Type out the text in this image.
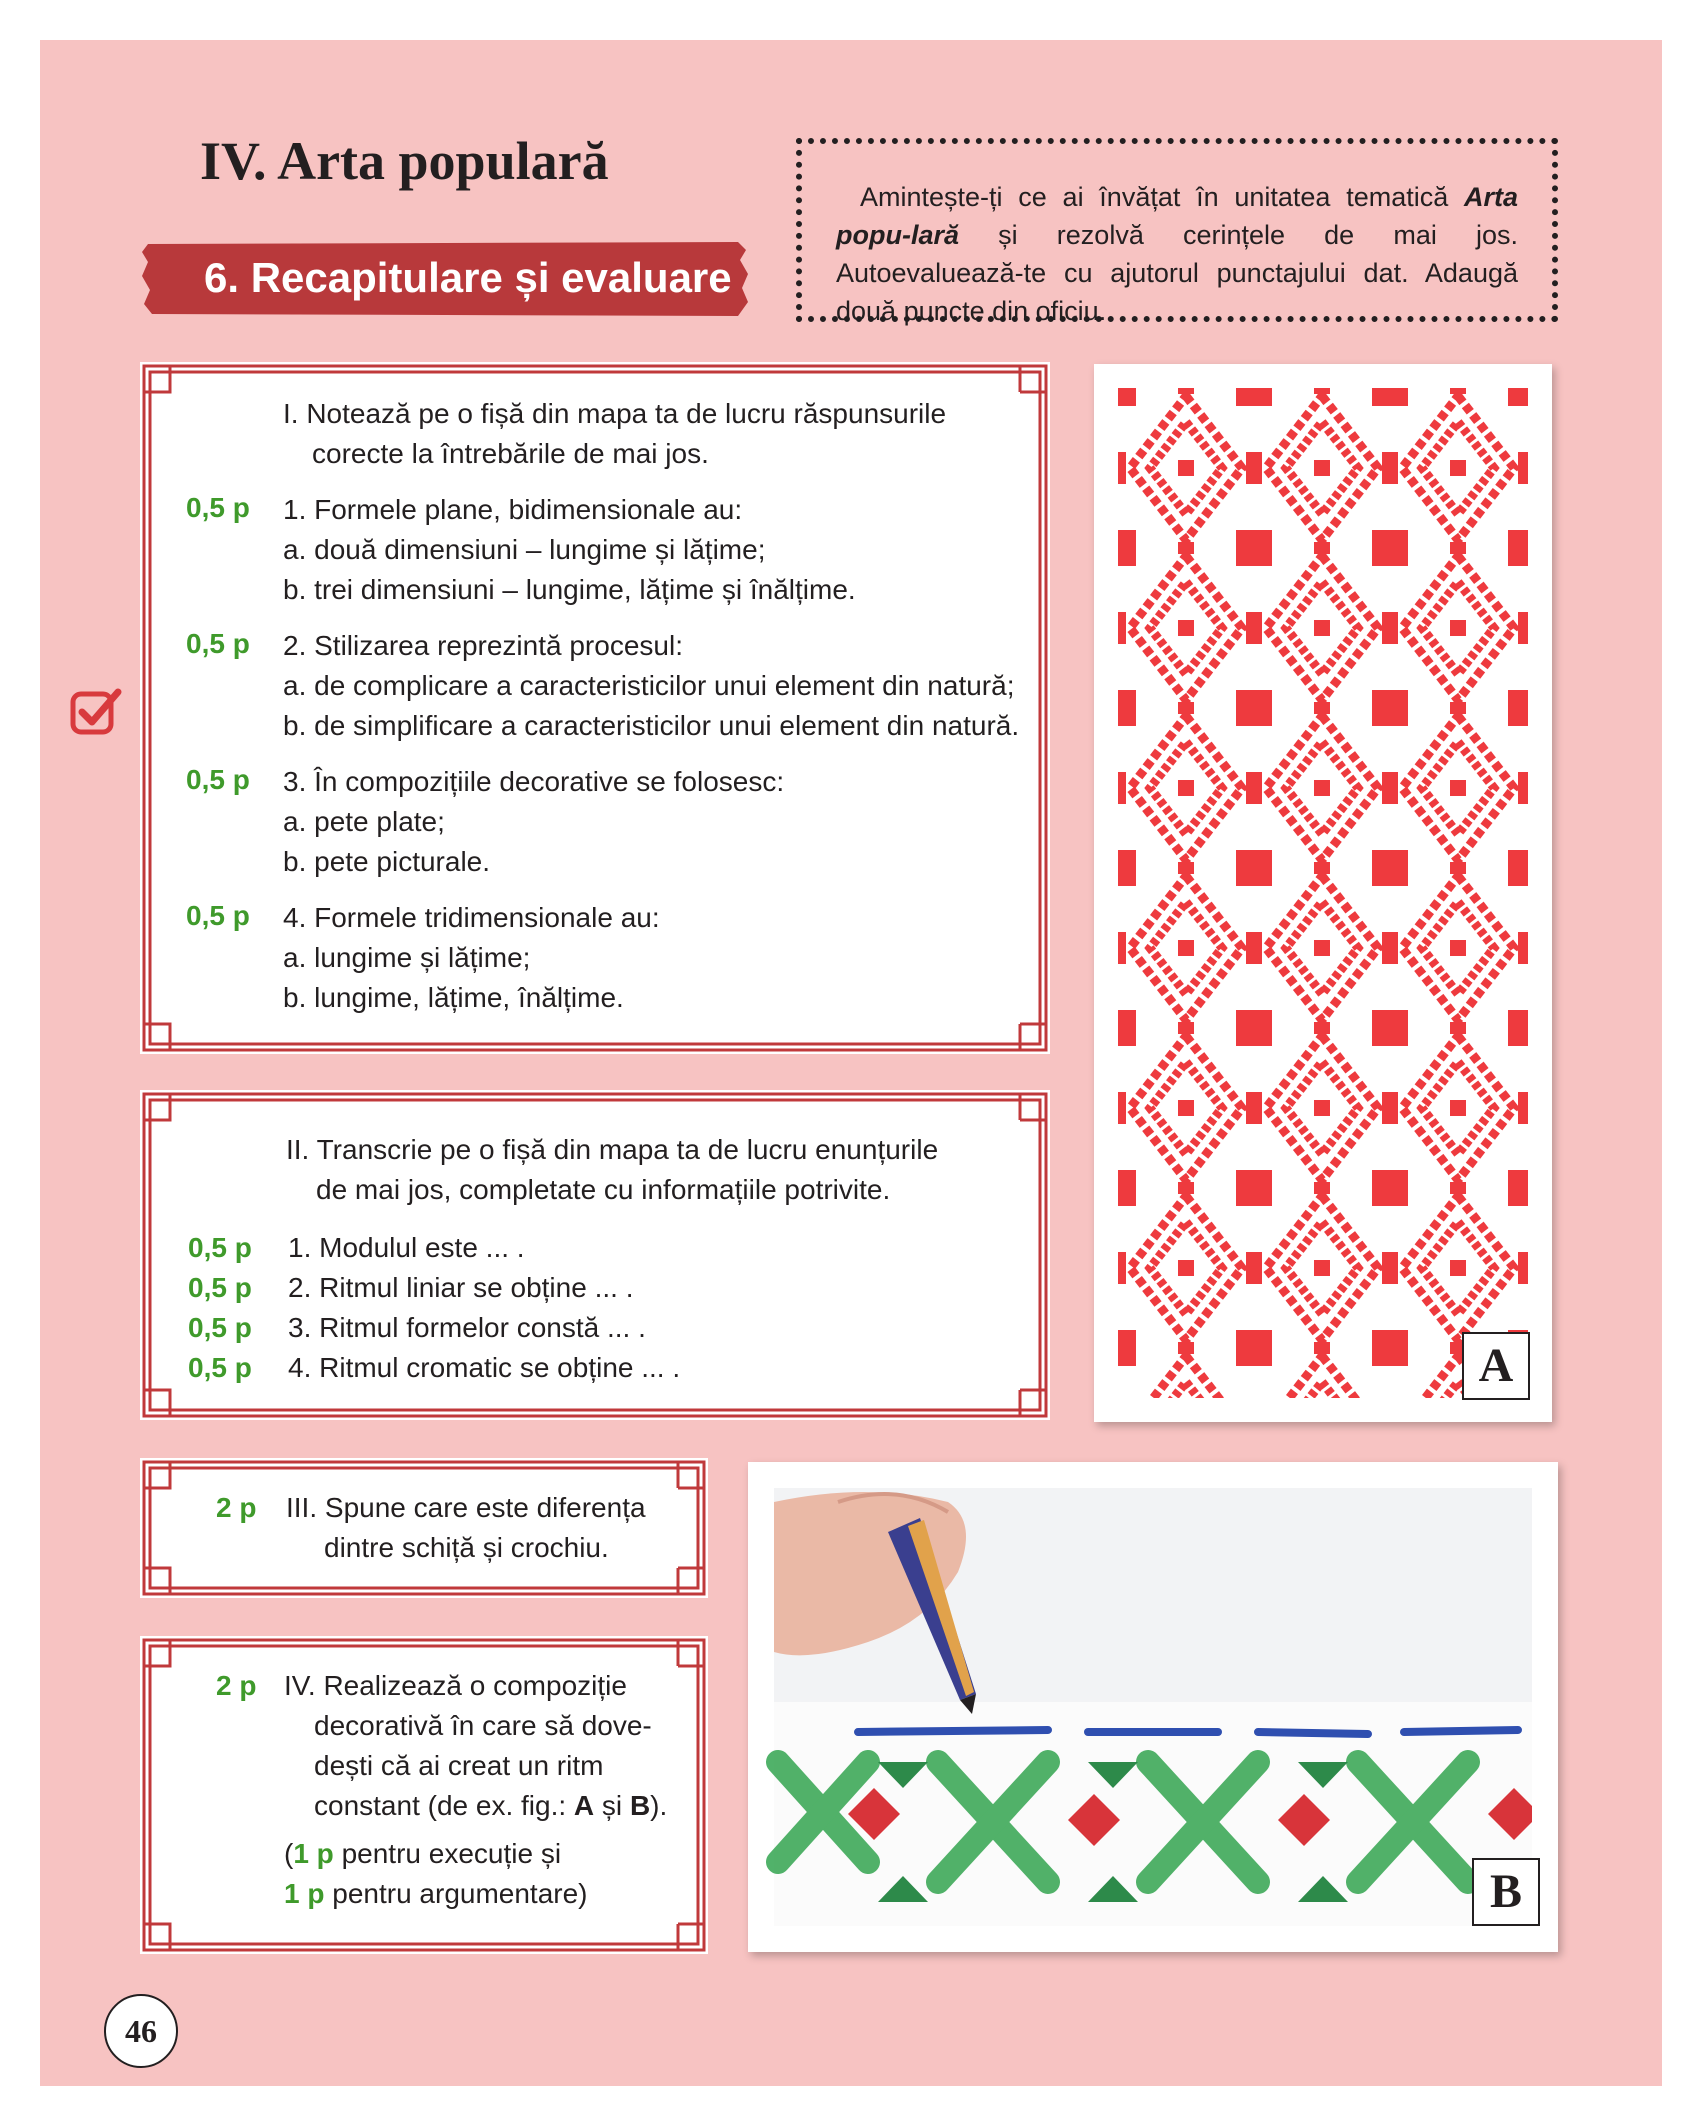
IV. Arta populară
6. Recapitulare și evaluare
Amintește-ți ce ai învățat în unitatea tematică Arta popu-lară și rezolvă cerințele de mai jos. Autoevaluează-te cu ajutorul punctajului dat. Adaugă două puncte din oficiu.
I. Notează pe o fișă din mapa ta de lucru răspunsurile
corecte la întrebările de mai jos.
0,5 p 1. Formele plane, bidimensionale au:
a. două dimensiuni – lungime și lățime;
b. trei dimensiuni – lungime, lățime și înălțime.
0,5 p 2. Stilizarea reprezintă procesul:
a. de complicare a caracteristicilor unui element din natură;
b. de simplificare a caracteristicilor unui element din natură.
0,5 p 3. În compozițiile decorative se folosesc:
a. pete plate;
b. pete picturale.
0,5 p 4. Formele tridimensionale au:
a. lungime și lățime;
b. lungime, lățime, înălțime.
II. Transcrie pe o fișă din mapa ta de lucru enunțurile
de mai jos, completate cu informațiile potrivite.
0,5 p 1. Modulul este ... .
0,5 p 2. Ritmul liniar se obține ... .
0,5 p 3. Ritmul formelor constă ... .
0,5 p 4. Ritmul cromatic se obține ... .
2 p III. Spune care este diferența
dintre schiță și crochiu.
2 p IV. Realizează o compoziție
decorativă în care să dove-
dești că ai creat un ritm
constant (de ex. fig.: A și B).
(1 p pentru execuție și
1 p pentru argumentare)
A
B
46
